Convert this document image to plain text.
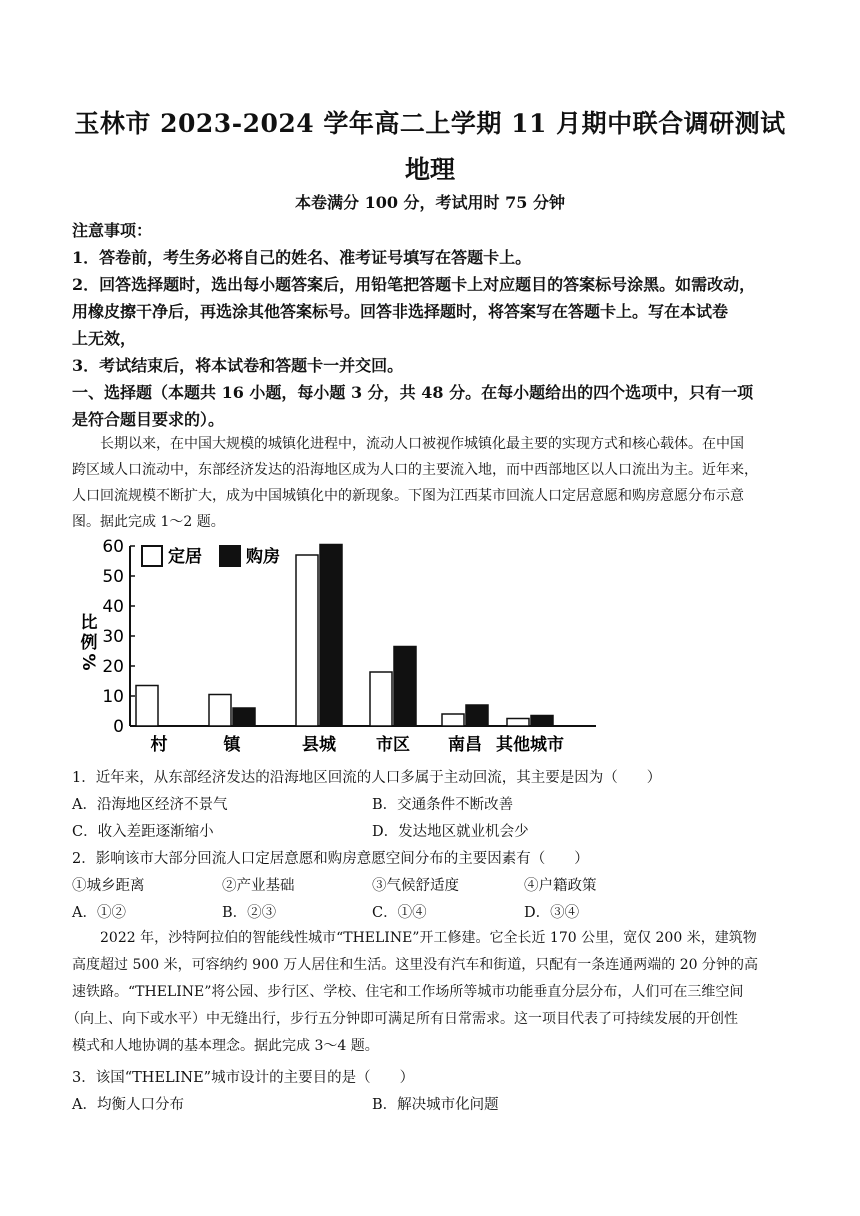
玉林市 2023-2024 学年高二上学期 11 月期中联合调研测试
地理
本卷满分 100 分，考试用时 75 分钟
注意事项：
1．答卷前，考生务必将自己的姓名、准考证号填写在答题卡上。
2．回答选择题时，选出每小题答案后，用铅笔把答题卡上对应题目的答案标号涂黑。如需改动，
用橡皮擦干净后，再选涂其他答案标号。回答非选择题时，将答案写在答题卡上。写在本试卷
上无效，
3．考试结束后，将本试卷和答题卡一并交回。
一、选择题（本题共 16 小题，每小题 3 分，共 48 分。在每小题给出的四个选项中，只有一项
是符合题目要求的）。
长期以来，在中国大规模的城镇化进程中，流动人口被视作城镇化最主要的实现方式和核心载体。在中国
跨区域人口流动中，东部经济发达的沿海地区成为人口的主要流入地，而中西部地区以人口流出为主。近年来，
人口回流规模不断扩大，成为中国城镇化中的新现象。下图为江西某市回流人口定居意愿和购房意愿分布示意
图。据此完成 1～2 题。
0
10
20
30
40
50
60
比
例
%
定居	购房
村	镇	县城 市区 南昌 其他城市
1．近年来，从东部经济发达的沿海地区回流的人口多属于主动回流，其主要是因为（　　）
A．沿海地区经济不景气	B．交通条件不断改善
C．收入差距逐渐缩小	D．发达地区就业机会少
2．影响该市大部分回流人口定居意愿和购房意愿空间分布的主要因素有（　　）
①城乡距离	②产业基础	③气候舒适度	④户籍政策
A．①②	B．②③	C．①④	D．③④
2022 年，沙特阿拉伯的智能线性城市“THELINE”开工修建。它全长近 170 公里，宽仅 200 米，建筑物
高度超过 500 米，可容纳约 900 万人居住和生活。这里没有汽车和街道，只配有一条连通两端的 20 分钟的高
速铁路。“THELINE”将公园、步行区、学校、住宅和工作场所等城市功能垂直分层分布，人们可在三维空间
（向上、向下或水平）中无缝出行，步行五分钟即可满足所有日常需求。这一项目代表了可持续发展的开创性
模式和人地协调的基本理念。据此完成 3～4 题。
3．该国“THELINE”城市设计的主要目的是（　　）
A．均衡人口分布	B．解决城市化问题
